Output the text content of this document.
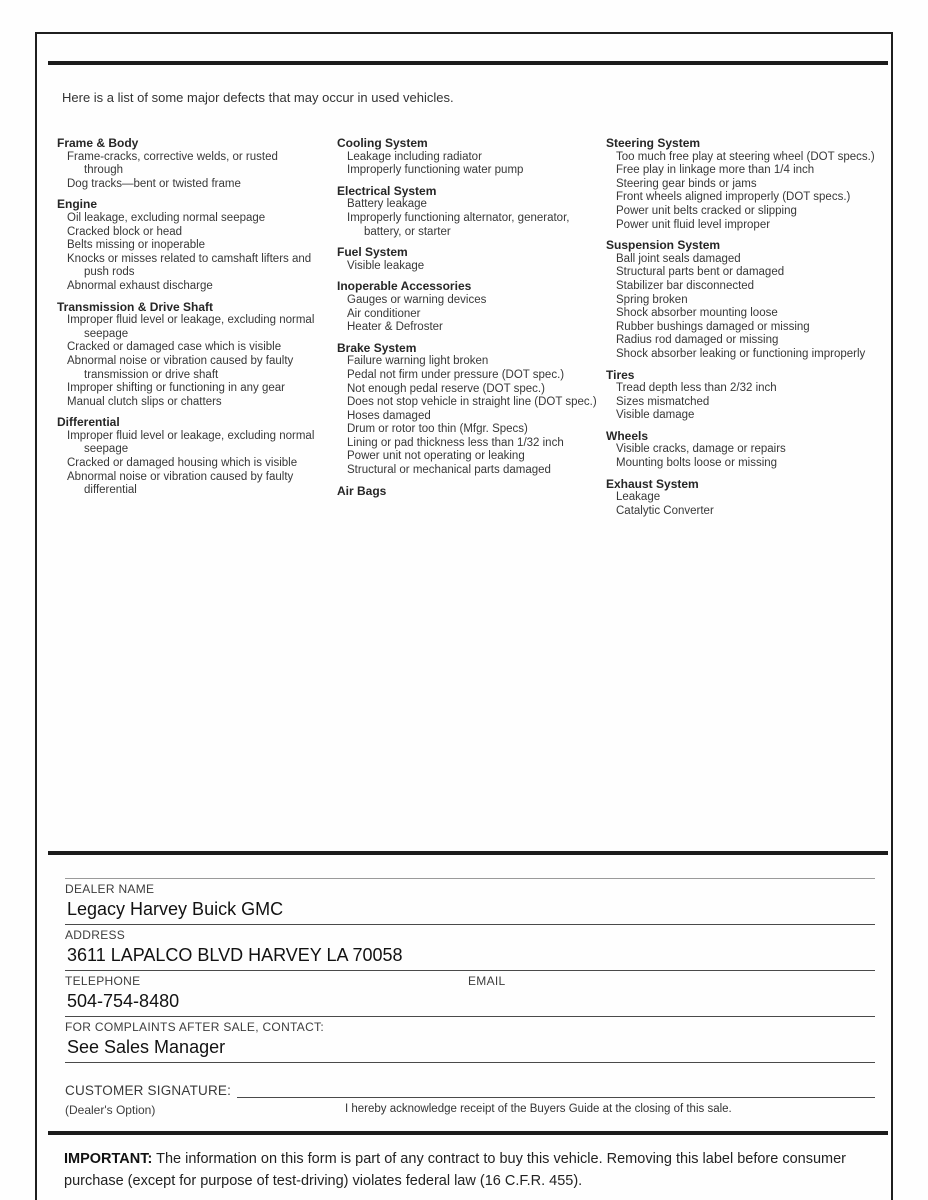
Here is a list of some major defects that may occur in used vehicles.
Frame & Body
Frame-cracks, corrective welds, or rusted through
Dog tracks—bent or twisted frame
Engine
Oil leakage, excluding normal seepage
Cracked block or head
Belts missing or inoperable
Knocks or misses related to camshaft lifters and push rods
Abnormal exhaust discharge
Transmission & Drive Shaft
Improper fluid level or leakage, excluding normal seepage
Cracked or damaged case which is visible
Abnormal noise or vibration caused by faulty transmission or drive shaft
Improper shifting or functioning in any gear
Manual clutch slips or chatters
Differential
Improper fluid level or leakage, excluding normal seepage
Cracked or damaged housing which is visible
Abnormal noise or vibration caused by faulty differential
Cooling System
Leakage including radiator
Improperly functioning water pump
Electrical System
Battery leakage
Improperly functioning alternator, generator, battery, or starter
Fuel System
Visible leakage
Inoperable Accessories
Gauges or warning devices
Air conditioner
Heater & Defroster
Brake System
Failure warning light broken
Pedal not firm under pressure (DOT spec.)
Not enough pedal reserve (DOT spec.)
Does not stop vehicle in straight line (DOT spec.)
Hoses damaged
Drum or rotor too thin (Mfgr. Specs)
Lining or pad thickness less than 1/32 inch
Power unit not operating or leaking
Structural or mechanical parts damaged
Air Bags
Steering System
Too much free play at steering wheel (DOT specs.)
Free play in linkage more than 1/4 inch
Steering gear binds or jams
Front wheels aligned improperly (DOT specs.)
Power unit belts cracked or slipping
Power unit fluid level improper
Suspension System
Ball joint seals damaged
Structural parts bent or damaged
Stabilizer bar disconnected
Spring broken
Shock absorber mounting loose
Rubber bushings damaged or missing
Radius rod damaged or missing
Shock absorber leaking or functioning improperly
Tires
Tread depth less than 2/32 inch
Sizes mismatched
Visible damage
Wheels
Visible cracks, damage or repairs
Mounting bolts loose or missing
Exhaust System
Leakage
Catalytic Converter
DEALER NAME
Legacy Harvey Buick GMC
ADDRESS
3611 LAPALCO BLVD HARVEY LA 70058
TELEPHONE	EMAIL
504-754-8480
FOR COMPLAINTS AFTER SALE, CONTACT:
See Sales Manager
CUSTOMER SIGNATURE:
(Dealer's Option)	I hereby acknowledge receipt of the Buyers Guide at the closing of this sale.
IMPORTANT: The information on this form is part of any contract to buy this vehicle. Removing this label before consumer purchase (except for purpose of test-driving) violates federal law (16 C.F.R. 455).
